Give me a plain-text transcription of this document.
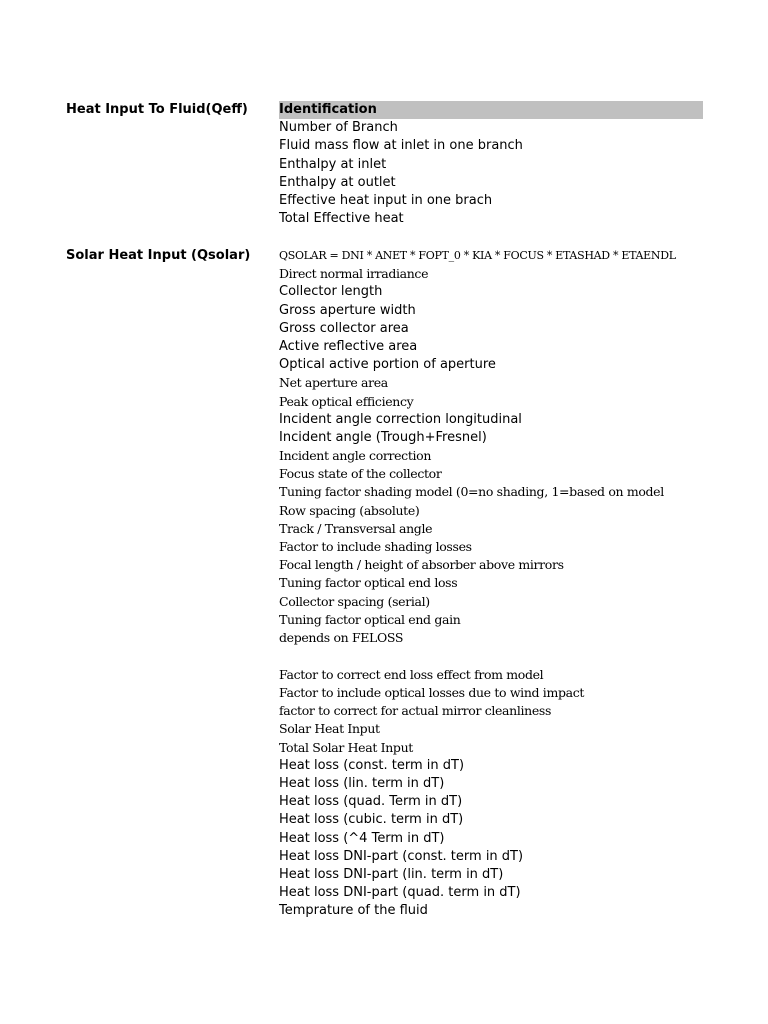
Heat Input To Fluid(Qeff) Identification
Number of Branch
Fluid mass flow at inlet in one branch
Enthalpy at inlet
Enthalpy at outlet
Effective heat input in one brach
Total Effective heat
Solar Heat Input (Qsolar)	QSOLAR = DNI * ANET * FOPT_0 * KIA * FOCUS * ETASHAD * ETAENDL
Direct normal irradiance
Collector length
Gross aperture width
Gross collector area
Active reflective area
Optical active portion of aperture
Net aperture area
Peak optical efficiency
Incident angle correction longitudinal
Incident angle (Trough+Fresnel)
Incident angle correction
Focus state of the collector
Tuning factor shading model (0=no shading, 1=based on model
Row spacing (absolute)
Track / Transversal angle
Factor to include shading losses
Focal length / height of absorber above mirrors
Tuning factor optical end loss
Collector spacing (serial)
Tuning factor optical end gain
depends on FELOSS
Factor to correct end loss effect from model
Factor to include optical losses due to wind impact
factor to correct for actual mirror cleanliness
Solar Heat Input
Total Solar Heat Input
Heat loss (const. term in dT)
Heat loss (lin. term in dT)
Heat loss (quad. Term in dT)
Heat loss (cubic. term in dT)
Heat loss (^4 Term in dT)
Heat loss DNI-part (const. term in dT)
Heat loss DNI-part (lin. term in dT)
Heat loss DNI-part (quad. term in dT)
Temprature of the fluid
